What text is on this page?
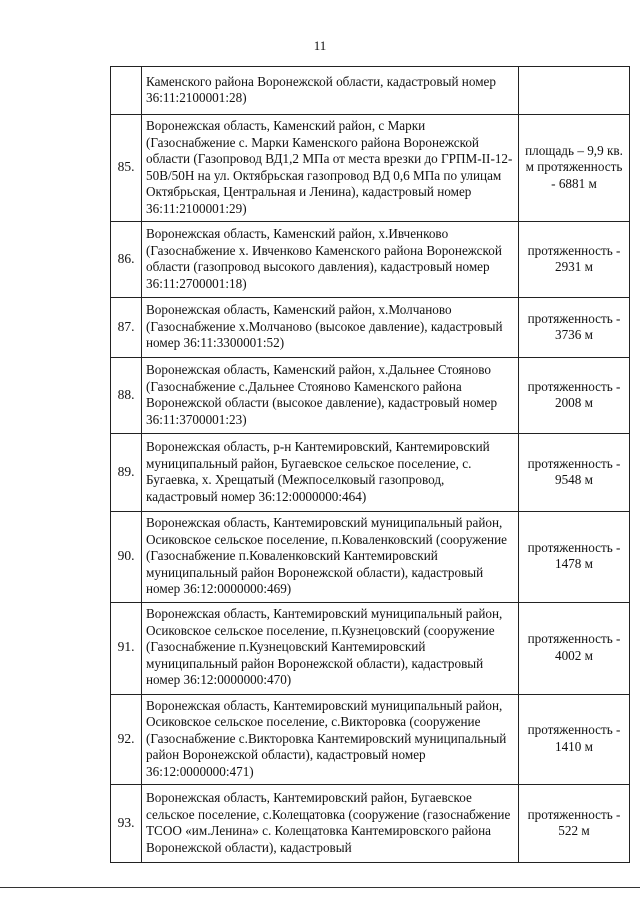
11
	Каменского района Воронежской области, кадастровый номер 36:11:2100001:28)	
85.	Воронежская область, Каменский район, с Марки (Газоснабжение с. Марки Каменского района Воронежской области (Газопровод ВД1,2 МПа от места врезки до ГРПМ-II-12-50В/50Н на ул. Октябрьская газопровод ВД 0,6 МПа по улицам Октябрьская, Центральная и Ленина), кадастровый номер 36:11:2100001:29)	площадь – 9,9 кв. м протяженность - 6881 м
86.	Воронежская область, Каменский район, х.Ивченково (Газоснабжение х. Ивченково Каменского района Воронежской области (газопровод высокого давления), кадастровый номер 36:11:2700001:18)	протяженность - 2931 м
87.	Воронежская область, Каменский район, х.Молчаново (Газоснабжение х.Молчаново (высокое давление), кадастровый номер 36:11:3300001:52)	протяженность - 3736 м
88.	Воронежская область, Каменский район, х.Дальнее Стояново (Газоснабжение с.Дальнее Стояново Каменского района Воронежской области (высокое давление), кадастровый номер 36:11:3700001:23)	протяженность - 2008 м
89.	Воронежская область, р-н Кантемировский, Кантемировский муниципальный район, Бугаевское сельское поселение, с. Бугаевка, х. Хрещатый (Межпоселковый газопровод, кадастровый номер 36:12:0000000:464)	протяженность - 9548 м
90.	Воронежская область, Кантемировский муниципальный район, Осиковское сельское поселение, п.Коваленковский (сооружение (Газоснабжение п.Коваленковский Кантемировский муниципальный район Воронежской области), кадастровый номер 36:12:0000000:469)	протяженность - 1478 м
91.	Воронежская область, Кантемировский муниципальный район, Осиковское сельское поселение, п.Кузнецовский (сооружение (Газоснабжение п.Кузнецовский Кантемировский муниципальный район Воронежской области), кадастровый номер 36:12:0000000:470)	протяженность - 4002 м
92.	Воронежская область, Кантемировский муниципальный район, Осиковское сельское поселение, с.Викторовка (сооружение (Газоснабжение с.Викторовка Кантемировский муниципальный район Воронежской области), кадастровый номер 36:12:0000000:471)	протяженность - 1410 м
93.	Воронежская область, Кантемировский район, Бугаевское сельское поселение, с.Колещатовка (сооружение (газоснабжение ТСОО «им.Ленина» с. Колещатовка Кантемировского района Воронежской области), кадастровый	протяженность - 522 м
